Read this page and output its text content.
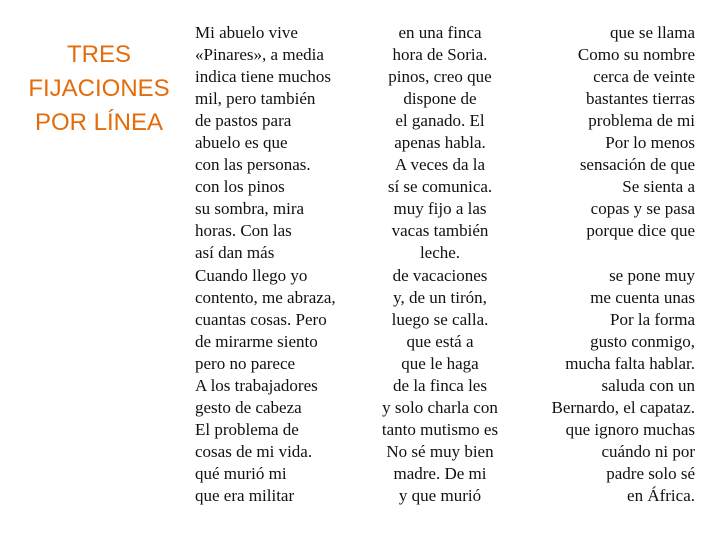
TRES
FIJACIONES
POR LÍNEA
Mi abuelo vive
«Pinares», a media
indica tiene muchos
mil, pero también
de pastos para
abuelo es que
con las personas.
con los pinos
su sombra, mira
horas. Con las
así dan más
Cuando llego yo
contento, me abraza,
cuantas cosas. Pero
de mirarme siento
pero no parece
A los trabajadores
gesto de cabeza
El problema de
cosas de mi vida.
qué murió mi
que era militar
en una finca
hora de Soria.
pinos, creo que
dispone de
el ganado. El
apenas habla.
A veces da la
sí se comunica.
muy fijo a las
vacas también
leche.
de vacaciones
y, de un tirón,
luego se calla.
que está a
que le haga
de la finca les
y solo charla con
tanto mutismo es
No sé muy bien
madre. De mi
y que murió
que se llama
Como su nombre
cerca de veinte
bastantes tierras
problema de mi
Por lo menos
sensación de que
Se sienta a
copas y se pasa
porque dice que
se pone muy
me cuenta unas
Por la forma
gusto conmigo,
mucha falta hablar.
saluda con un
Bernardo, el capataz.
que ignoro muchas
cuándo ni por
padre solo sé
en África.
